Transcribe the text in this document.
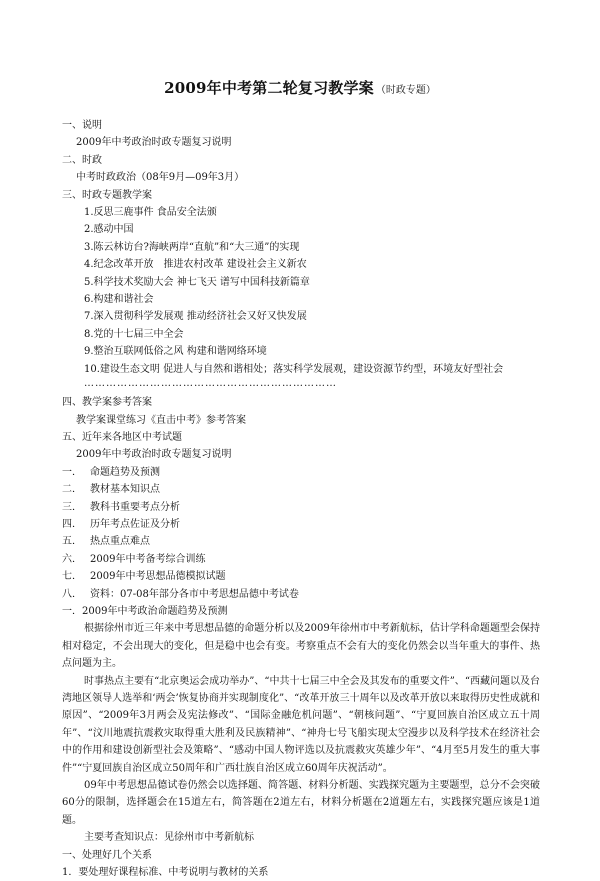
2009年中考第二轮复习教学案 （时政专题）
一、说明
2009年中考政治时政专题复习说明
二、时政
中考时政政治（08年9月—09年3月）
三、时政专题教学案
1.反思三鹿事件 食品安全法颁
2.感动中国
3.陈云林访台?海峡两岸“直航”和“大三通”的实现
4.纪念改革开放　推进农村改革 建设社会主义新农
5.科学技术奖励大会 神七飞天 谱写中国科技新篇章
6.构建和谐社会
7.深入贯彻科学发展观 推动经济社会又好又快发展
8.党的十七届三中全会
9.整治互联网低俗之风 构建和谐网络环境
10.建设生态文明 促进人与自然和谐相处；落实科学发展观，建设资源节约型，环境友好型社会
……………………………………………………………
四、教学案参考答案
教学案课堂练习《直击中考》参考答案
五、近年来各地区中考试题
2009年中考政治时政专题复习说明
一． 命题趋势及预测
二． 教材基本知识点
三． 教科书重要考点分析
四． 历年考点佐证及分析
五． 热点重点难点
六． 2009年中考备考综合训练
七． 2009年中考思想品德模拟试题
八． 资料：07-08年部分各市中考思想品德中考试卷
一．2009年中考政治命题趋势及预测
根据徐州市近三年来中考思想品德的命题分析以及2009年徐州市中考新航标，估计学科命题题型会保持相对稳定，不会出现大的变化，但是稳中也会有变。考察重点不会有大的变化仍然会以当年重大的事件、热点问题为主。
时事热点主要有“北京奥运会成功举办”、“中共十七届三中全会及其发布的重要文件”、“西藏问题以及台湾地区领导人选举和‘两会’恢复协商并实现制度化”、“改革开放三十周年以及改革开放以来取得历史性成就和原因”、“2009年3月两会及宪法修改”、“国际金融危机问题”、“朝核问题”、“宁夏回族自治区成立五十周年”、“汶川地震抗震救灾取得重大胜利及民族精神”、“神舟七号飞船实现太空漫步以及科学技术在经济社会中的作用和建设创新型社会及策略”、“感动中国人物评选以及抗震救灾英雄少年”、“4月至5月发生的重大事件”“宁夏回族自治区成立50周年和广西壮族自治区成立60周年庆祝活动”。
09年中考思想品德试卷仍然会以选择题、简答题、材料分析题、实践探究题为主要题型，总分不会突破60分的限制，选择题会在15道左右，简答题在2道左右，材料分析题在2道题左右，实践探究题应该是1道题。
主要考查知识点：见徐州市中考新航标
一、处理好几个关系
1．要处理好课程标准、中考说明与教材的关系
